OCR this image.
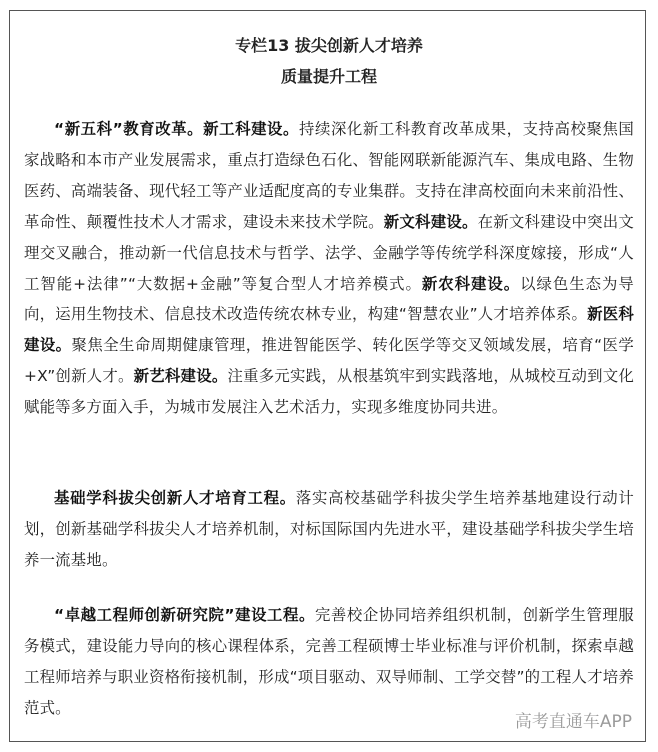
专栏13 拔尖创新人才培养
质量提升工程

“新五科”教育改革。新工科建设。持续深化新工科教育改革成果，支持高校聚焦国家战略和本市产业发展需求，重点打造绿色石化、智能网联新能源汽车、集成电路、生物医药、高端装备、现代轻工等产业适配度高的专业集群。支持在津高校面向未来前沿性、革命性、颠覆性技术人才需求，建设未来技术学院。新文科建设。在新文科建设中突出文理交叉融合，推动新一代信息技术与哲学、法学、金融学等传统学科深度嫁接，形成“人工智能+法律”“大数据+金融”等复合型人才培养模式。新农科建设。以绿色生态为导向，运用生物技术、信息技术改造传统农林专业，构建“智慧农业”人才培养体系。新医科建设。聚焦全生命周期健康管理，推进智能医学、转化医学等交叉领域发展，培育“医学+X”创新人才。新艺科建设。注重多元实践，从根基筑牢到实践落地，从城校互动到文化赋能等多方面入手，为城市发展注入艺术活力，实现多维度协同共进。

基础学科拔尖创新人才培育工程。落实高校基础学科拔尖学生培养基地建设行动计划，创新基础学科拔尖人才培养机制，对标国际国内先进水平，建设基础学科拔尖学生培养一流基地。

“卓越工程师创新研究院”建设工程。完善校企协同培养组织机制，创新学生管理服务模式，建设能力导向的核心课程体系，完善工程硕博士毕业标准与评价机制，探索卓越工程师培养与职业资格衔接机制，形成“项目驱动、双导师制、工学交替”的工程人才培养范式。

高考直通车APP
